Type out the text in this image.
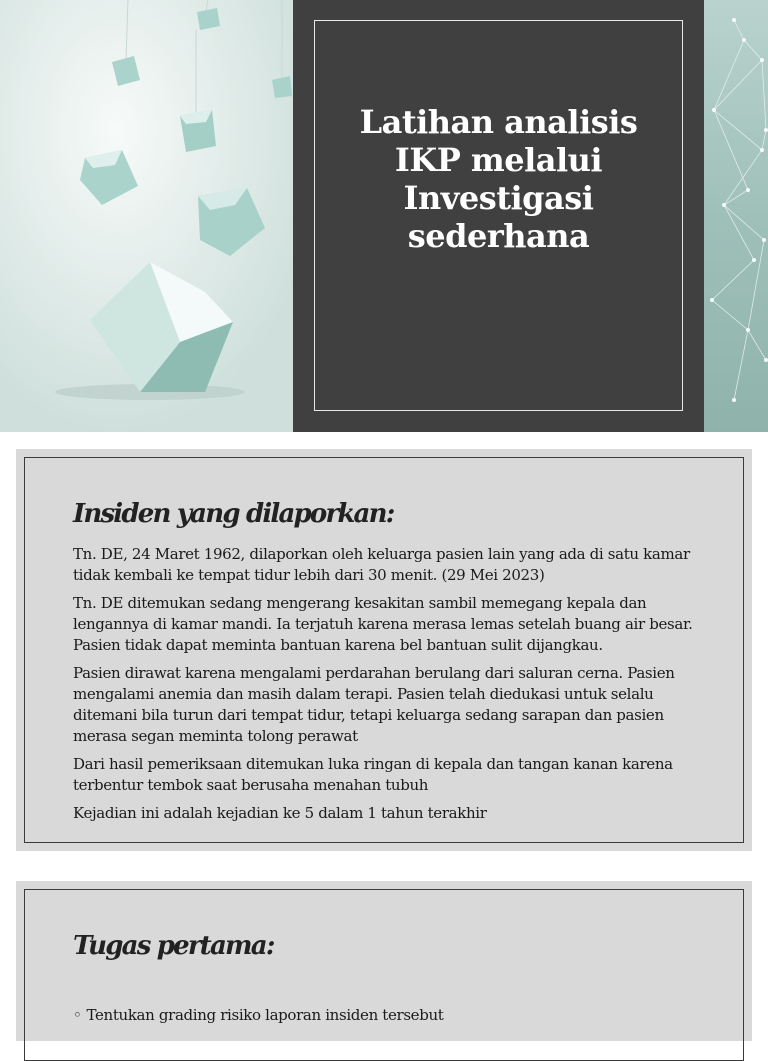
Latihan analisis
IKP melalui
Investigasi
sederhana
Insiden yang dilaporkan:

Tn. DE, 24 Maret 1962, dilaporkan oleh keluarga pasien lain yang ada di satu kamar tidak kembali ke tempat tidur lebih dari 30 menit. (29 Mei 2023)

Tn. DE ditemukan sedang mengerang kesakitan sambil memegang kepala dan lengannya di kamar mandi. Ia terjatuh karena merasa lemas setelah buang air besar. Pasien tidak dapat meminta bantuan karena bel bantuan sulit dijangkau.

Pasien dirawat karena mengalami perdarahan berulang dari saluran cerna. Pasien mengalami anemia dan masih dalam terapi. Pasien telah diedukasi untuk selalu ditemani bila turun dari tempat tidur, tetapi keluarga sedang sarapan dan pasien merasa segan meminta tolong perawat

Dari hasil pemeriksaan ditemukan luka ringan di kepala dan tangan kanan karena terbentur tembok saat berusaha menahan tubuh

Kejadian ini adalah kejadian ke 5 dalam 1 tahun terakhir

Tugas pertama:
◦ Tentukan grading risiko laporan insiden tersebut
